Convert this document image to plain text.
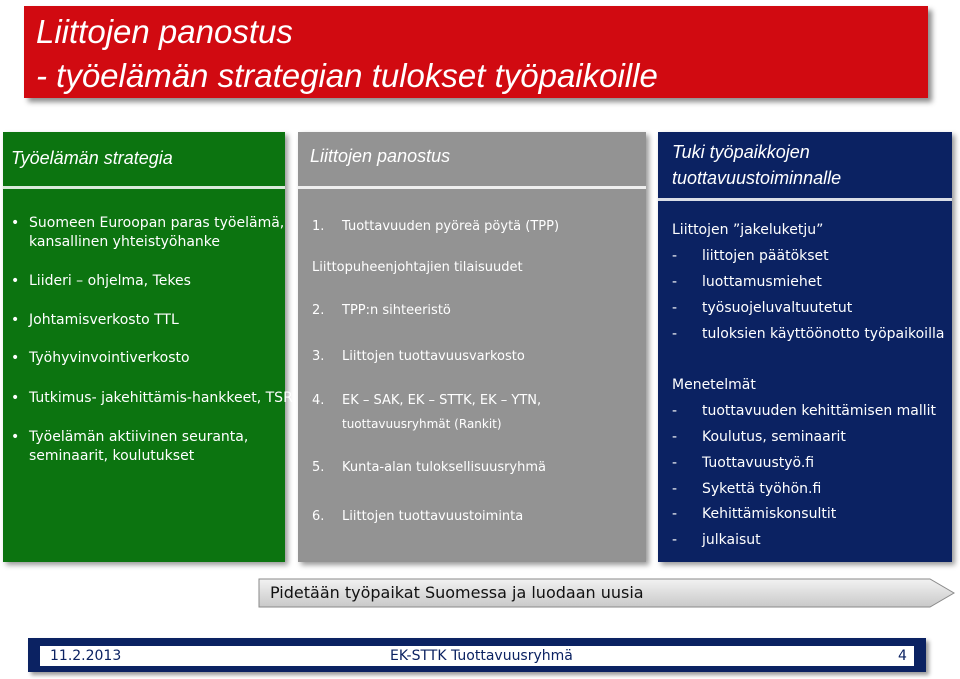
Liittojen panostus
- työelämän strategian tulokset työpaikoille
Työelämän strategia
• Suomeen Euroopan paras työelämä,
kansallinen yhteistyöhanke
• Liideri – ohjelma, Tekes
• Johtamisverkosto TTL
• Työhyvinvointiverkosto
• Tutkimus- jakehittämis-hankkeet, TSR
• Työelämän aktiivinen seuranta,
seminaarit, koulutukset
Liittojen panostus
1. Tuottavuuden pyöreä pöytä (TPP)
Liittopuheenjohtajien tilaisuudet
2. TPP:n sihteeristö
3. Liittojen tuottavuusvarkosto
4. EK – SAK, EK – STTK, EK – YTN,
tuottavuusryhmät (Rankit)
5. Kunta-alan tuloksellisuusryhmä
6. Liittojen tuottavuustoiminta
Tuki työpaikkojen
tuottavuustoiminnalle
Liittojen ”jakeluketju”
- liittojen päätökset
- luottamusmiehet
- työsuojeluvaltuutetut
- tuloksien käyttöönotto työpaikoilla
Menetelmät
- tuottavuuden kehittämisen mallit
- Koulutus, seminaarit
- Tuottavuustyö.fi
- Sykettä työhön.fi
- Kehittämiskonsultit
- julkaisut
Pidetään työpaikat Suomessa ja luodaan uusia
11.2.2013	EK-STTK Tuottavuusryhmä	4
